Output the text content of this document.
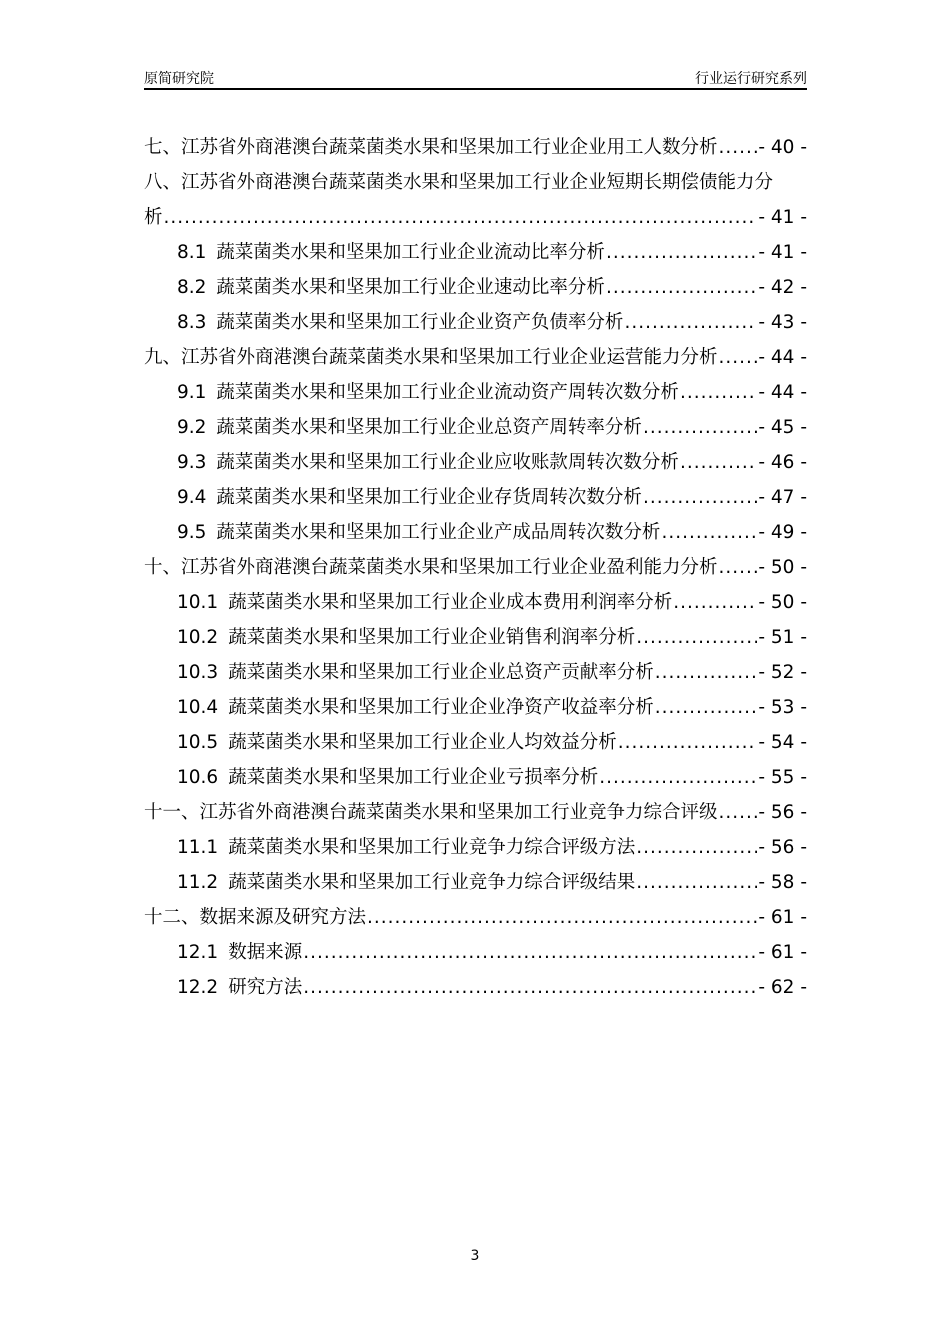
原简研究院	行业运行研究系列
七、江苏省外商港澳台蔬菜菌类水果和坚果加工行业企业用工人数分析 ..... - 40 -
八、江苏省外商港澳台蔬菜菌类水果和坚果加工行业企业短期长期偿债能力分
析 .....	- 41 -
8.1 蔬菜菌类水果和坚果加工行业企业流动比率分析 .....	- 41 -
8.2 蔬菜菌类水果和坚果加工行业企业速动比率分析 .....	- 42 -
8.3 蔬菜菌类水果和坚果加工行业企业资产负债率分析 .....	- 43 -
九、江苏省外商港澳台蔬菜菌类水果和坚果加工行业企业运营能力分析 ..... - 44 -
9.1 蔬菜菌类水果和坚果加工行业企业流动资产周转次数分析 .....	- 44 -
9.2 蔬菜菌类水果和坚果加工行业企业总资产周转率分析 .....	- 45 -
9.3 蔬菜菌类水果和坚果加工行业企业应收账款周转次数分析 .....	- 46 -
9.4 蔬菜菌类水果和坚果加工行业企业存货周转次数分析 .....	- 47 -
9.5 蔬菜菌类水果和坚果加工行业企业产成品周转次数分析 .....	- 49 -
十、江苏省外商港澳台蔬菜菌类水果和坚果加工行业企业盈利能力分析 ..... - 50 -
10.1 蔬菜菌类水果和坚果加工行业企业成本费用利润率分析 .....	- 50 -
10.2 蔬菜菌类水果和坚果加工行业企业销售利润率分析 .....	- 51 -
10.3 蔬菜菌类水果和坚果加工行业企业总资产贡献率分析 .....	- 52 -
10.4 蔬菜菌类水果和坚果加工行业企业净资产收益率分析 .....	- 53 -
10.5 蔬菜菌类水果和坚果加工行业企业人均效益分析 .....	- 54 -
10.6 蔬菜菌类水果和坚果加工行业企业亏损率分析 .....	- 55 -
十一、江苏省外商港澳台蔬菜菌类水果和坚果加工行业竞争力综合评级 ..... - 56 -
11.1 蔬菜菌类水果和坚果加工行业竞争力综合评级方法 .....	- 56 -
11.2 蔬菜菌类水果和坚果加工行业竞争力综合评级结果 .....	- 58 -
十二、数据来源及研究方法 .....	- 61 -
12.1 数据来源 .....	- 61 -
12.2 研究方法 .....	- 62 -
3
